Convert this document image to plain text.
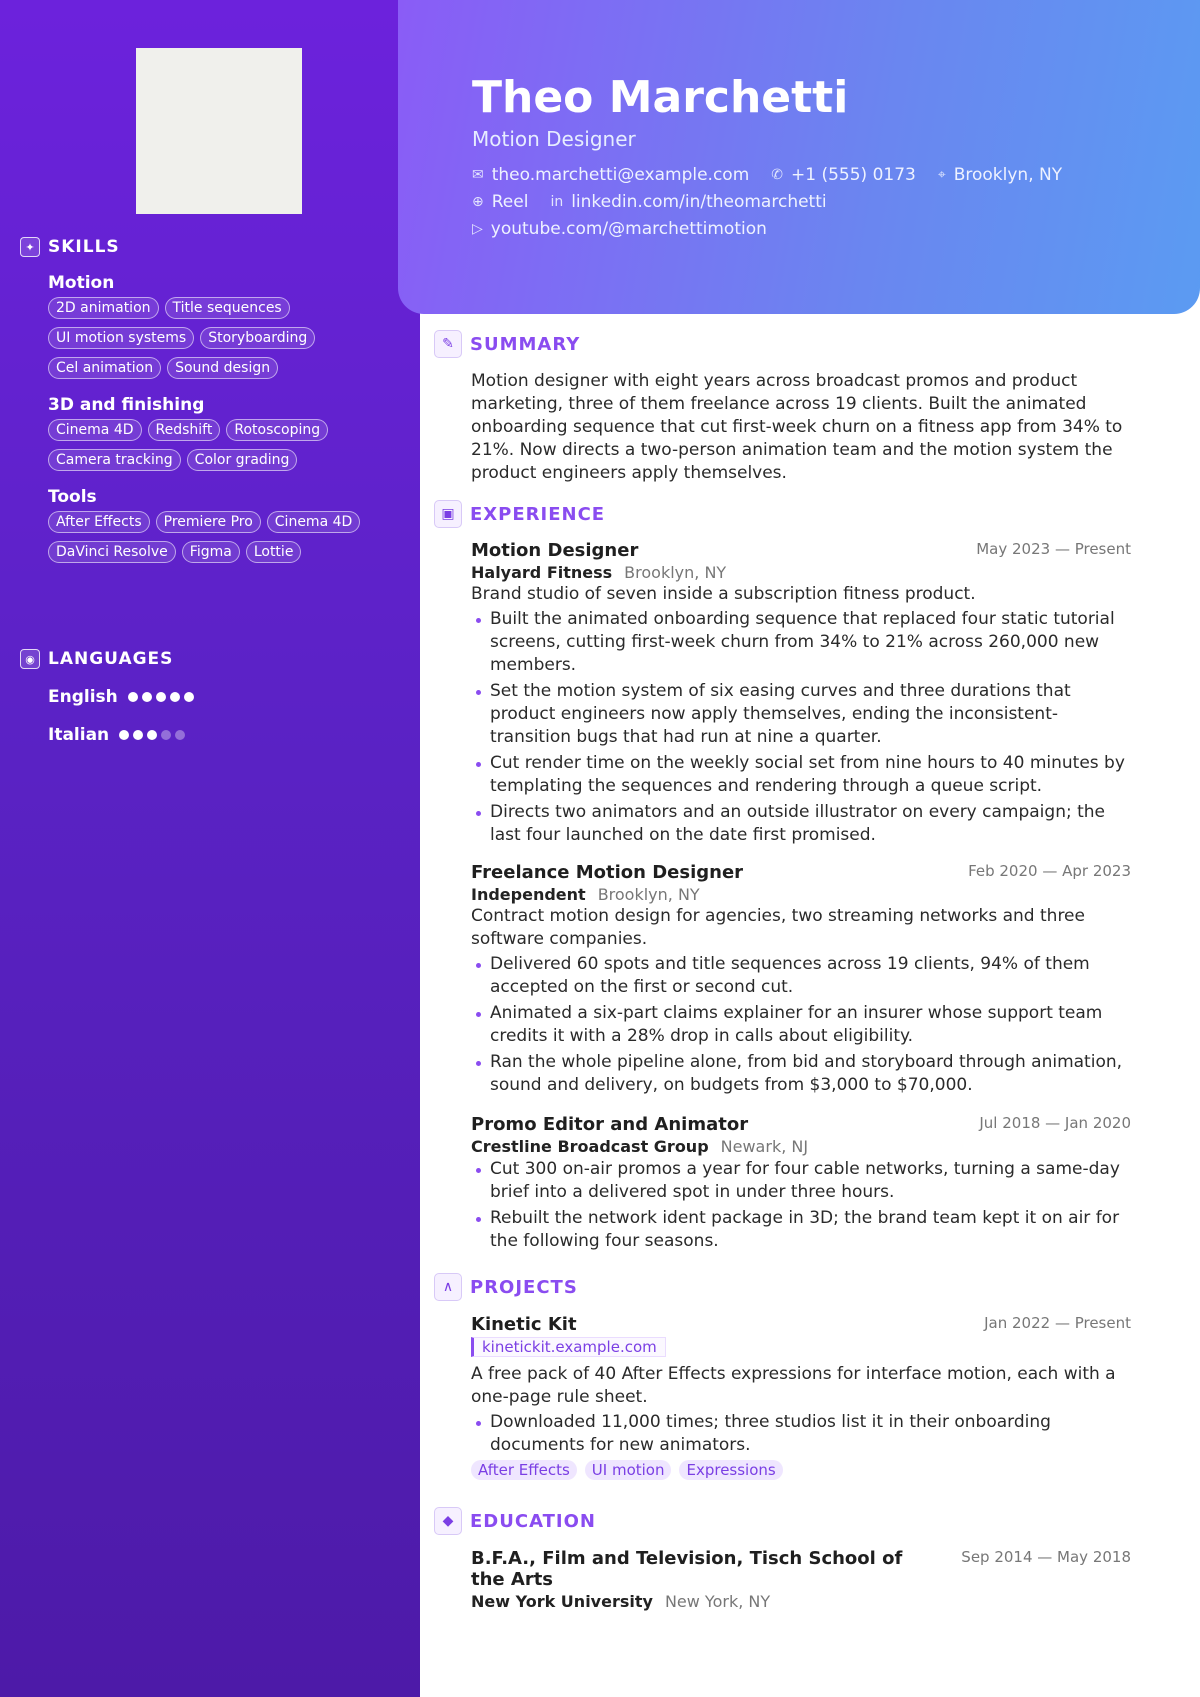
✦ SKILLS
Motion
2D animation	Title sequences
UI motion systems	Storyboarding
Cel animation	Sound design
3D and finishing
Cinema 4D	Redshift	Rotoscoping
Camera tracking	Color grading
Tools
After Effects	Premiere Pro	Cinema 4D
DaVinci Resolve	Figma	Lottie
◉ LANGUAGES
English
Italian
Theo Marchetti
Motion Designer
✉ theo.marchetti@example.com ✆ +1 (555) 0173 ⌖ Brooklyn, NY
⊕ Reel in linkedin.com/in/theomarchetti
▷ youtube.com/@marchettimotion
✎ SUMMARY
Motion designer with eight years across broadcast promos and product marketing, three of them freelance across 19 clients. Built the animated onboarding sequence that cut first-week churn on a fitness app from 34% to 21%. Now directs a two-person animation team and the motion system the product engineers apply themselves.
▣ EXPERIENCE
Motion Designer	May 2023 — Present
Halyard Fitness Brooklyn, NY
Brand studio of seven inside a subscription fitness product.
Built the animated onboarding sequence that replaced four static tutorial screens, cutting first-week churn from 34% to 21% across 260,000 new members.
Set the motion system of six easing curves and three durations that product engineers now apply themselves, ending the inconsistent-transition bugs that had run at nine a quarter.
Cut render time on the weekly social set from nine hours to 40 minutes by templating the sequences and rendering through a queue script.
Directs two animators and an outside illustrator on every campaign; the last four launched on the date first promised.
Freelance Motion Designer	Feb 2020 — Apr 2023
Independent Brooklyn, NY
Contract motion design for agencies, two streaming networks and three software companies.
Delivered 60 spots and title sequences across 19 clients, 94% of them accepted on the first or second cut.
Animated a six-part claims explainer for an insurer whose support team credits it with a 28% drop in calls about eligibility.
Ran the whole pipeline alone, from bid and storyboard through animation, sound and delivery, on budgets from $3,000 to $70,000.
Promo Editor and Animator	Jul 2018 — Jan 2020
Crestline Broadcast Group Newark, NJ
Cut 300 on-air promos a year for four cable networks, turning a same-day brief into a delivered spot in under three hours.
Rebuilt the network ident package in 3D; the brand team kept it on air for the following four seasons.
∧ PROJECTS
Kinetic Kit	Jan 2022 — Present
kinetickit.example.com
A free pack of 40 After Effects expressions for interface motion, each with a one-page rule sheet.
Downloaded 11,000 times; three studios list it in their onboarding documents for new animators.
After Effects	UI motion	Expressions
◆ EDUCATION
B.F.A., Film and Television, Tisch School of the Arts
Sep 2014 — May 2018
New York University New York, NY
